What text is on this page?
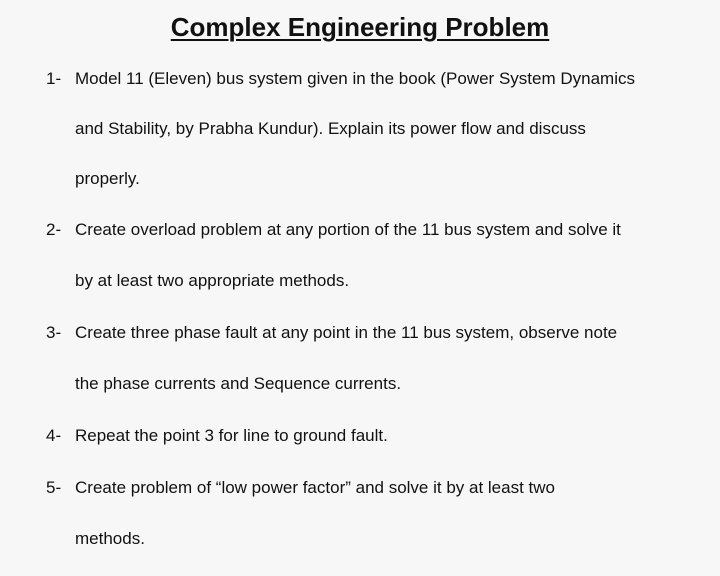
Complex Engineering Problem
1- Model 11 (Eleven) bus system given in the book (Power System Dynamics
and Stability, by Prabha Kundur). Explain its power flow and discuss
properly.
2- Create overload problem at any portion of the 11 bus system and solve it
by at least two appropriate methods.
3- Create three phase fault at any point in the 11 bus system, observe note
the phase currents and Sequence currents.
4- Repeat the point 3 for line to ground fault.
5- Create problem of “low power factor” and solve it by at least two
methods.
